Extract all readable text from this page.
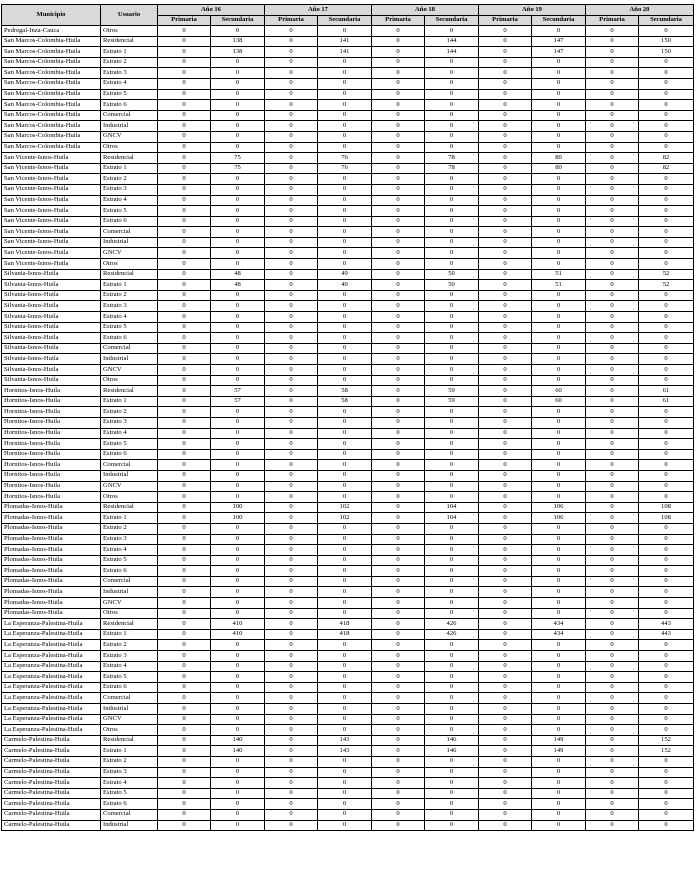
Municipio	Usuario	Año 16		Año 17		Año 18		Año 19		Año 20	
		Primaria	Secundaria	Primaria	Secundaria	Primaria	Secundaria	Primaria	Secundaria	Primaria	Secundaria
Pedregal-Inza-Cauca	Otros	0	0	0	0	0	0	0	0	0	0
San Marcos-Colombia-Huila	Residencial	0	138	0	141	0	144	0	147	0	150
San Marcos-Colombia-Huila	Estrato 1	0	138	0	141	0	144	0	147	0	150
San Marcos-Colombia-Huila	Estrato 2	0	0	0	0	0	0	0	0	0	0
San Marcos-Colombia-Huila	Estrato 3	0	0	0	0	0	0	0	0	0	0
San Marcos-Colombia-Huila	Estrato 4	0	0	0	0	0	0	0	0	0	0
San Marcos-Colombia-Huila	Estrato 5	0	0	0	0	0	0	0	0	0	0
San Marcos-Colombia-Huila	Estrato 6	0	0	0	0	0	0	0	0	0	0
San Marcos-Colombia-Huila	Comercial	0	0	0	0	0	0	0	0	0	0
San Marcos-Colombia-Huila	Industrial	0	0	0	0	0	0	0	0	0	0
San Marcos-Colombia-Huila	GNCV	0	0	0	0	0	0	0	0	0	0
San Marcos-Colombia-Huila	Otros	0	0	0	0	0	0	0	0	0	0
San Vicente-Isnos-Huila	Residencial	0	75	0	76	0	78	0	80	0	82
San Vicente-Isnos-Huila	Estrato 1	0	75	0	76	0	78	0	80	0	82
San Vicente-Isnos-Huila	Estrato 2	0	0	0	0	0	0	0	0	0	0
San Vicente-Isnos-Huila	Estrato 3	0	0	0	0	0	0	0	0	0	0
San Vicente-Isnos-Huila	Estrato 4	0	0	0	0	0	0	0	0	0	0
San Vicente-Isnos-Huila	Estrato 5	0	0	0	0	0	0	0	0	0	0
San Vicente-Isnos-Huila	Estrato 6	0	0	0	0	0	0	0	0	0	0
San Vicente-Isnos-Huila	Comercial	0	0	0	0	0	0	0	0	0	0
San Vicente-Isnos-Huila	Industrial	0	0	0	0	0	0	0	0	0	0
San Vicente-Isnos-Huila	GNCV	0	0	0	0	0	0	0	0	0	0
San Vicente-Isnos-Huila	Otros	0	0	0	0	0	0	0	0	0	0
Silvania-Isnos-Huila	Residencial	0	48	0	49	0	50	0	51	0	52
Silvania-Isnos-Huila	Estrato 1	0	48	0	49	0	50	0	51	0	52
Silvania-Isnos-Huila	Estrato 2	0	0	0	0	0	0	0	0	0	0
Silvania-Isnos-Huila	Estrato 3	0	0	0	0	0	0	0	0	0	0
Silvania-Isnos-Huila	Estrato 4	0	0	0	0	0	0	0	0	0	0
Silvania-Isnos-Huila	Estrato 5	0	0	0	0	0	0	0	0	0	0
Silvania-Isnos-Huila	Estrato 6	0	0	0	0	0	0	0	0	0	0
Silvania-Isnos-Huila	Comercial	0	0	0	0	0	0	0	0	0	0
Silvania-Isnos-Huila	Industrial	0	0	0	0	0	0	0	0	0	0
Silvania-Isnos-Huila	GNCV	0	0	0	0	0	0	0	0	0	0
Silvania-Isnos-Huila	Otros	0	0	0	0	0	0	0	0	0	0
Hornitos-Isnos-Huila	Residencial	0	57	0	58	0	59	0	60	0	61
Hornitos-Isnos-Huila	Estrato 1	0	57	0	58	0	59	0	60	0	61
Hornitos-Isnos-Huila	Estrato 2	0	0	0	0	0	0	0	0	0	0
Hornitos-Isnos-Huila	Estrato 3	0	0	0	0	0	0	0	0	0	0
Hornitos-Isnos-Huila	Estrato 4	0	0	0	0	0	0	0	0	0	0
Hornitos-Isnos-Huila	Estrato 5	0	0	0	0	0	0	0	0	0	0
Hornitos-Isnos-Huila	Estrato 6	0	0	0	0	0	0	0	0	0	0
Hornitos-Isnos-Huila	Comercial	0	0	0	0	0	0	0	0	0	0
Hornitos-Isnos-Huila	Industrial	0	0	0	0	0	0	0	0	0	0
Hornitos-Isnos-Huila	GNCV	0	0	0	0	0	0	0	0	0	0
Hornitos-Isnos-Huila	Otros	0	0	0	0	0	0	0	0	0	0
Plomadas-Isnos-Huila	Residencial	0	100	0	102	0	104	0	106	0	108
Plomadas-Isnos-Huila	Estrato 1	0	100	0	102	0	104	0	106	0	108
Plomadas-Isnos-Huila	Estrato 2	0	0	0	0	0	0	0	0	0	0
Plomadas-Isnos-Huila	Estrato 3	0	0	0	0	0	0	0	0	0	0
Plomadas-Isnos-Huila	Estrato 4	0	0	0	0	0	0	0	0	0	0
Plomadas-Isnos-Huila	Estrato 5	0	0	0	0	0	0	0	0	0	0
Plomadas-Isnos-Huila	Estrato 6	0	0	0	0	0	0	0	0	0	0
Plomadas-Isnos-Huila	Comercial	0	0	0	0	0	0	0	0	0	0
Plomadas-Isnos-Huila	Industrial	0	0	0	0	0	0	0	0	0	0
Plomadas-Isnos-Huila	GNCV	0	0	0	0	0	0	0	0	0	0
Plomadas-Isnos-Huila	Otros	0	0	0	0	0	0	0	0	0	0
La Esperanza-Palestina-Huila	Residencial	0	410	0	418	0	426	0	434	0	443
La Esperanza-Palestina-Huila	Estrato 1	0	410	0	418	0	426	0	434	0	443
La Esperanza-Palestina-Huila	Estrato 2	0	0	0	0	0	0	0	0	0	0
La Esperanza-Palestina-Huila	Estrato 3	0	0	0	0	0	0	0	0	0	0
La Esperanza-Palestina-Huila	Estrato 4	0	0	0	0	0	0	0	0	0	0
La Esperanza-Palestina-Huila	Estrato 5	0	0	0	0	0	0	0	0	0	0
La Esperanza-Palestina-Huila	Estrato 6	0	0	0	0	0	0	0	0	0	0
La Esperanza-Palestina-Huila	Comercial	0	0	0	0	0	0	0	0	0	0
La Esperanza-Palestina-Huila	Industrial	0	0	0	0	0	0	0	0	0	0
La Esperanza-Palestina-Huila	GNCV	0	0	0	0	0	0	0	0	0	0
La Esperanza-Palestina-Huila	Otros	0	0	0	0	0	0	0	0	0	0
Carmelo-Palestina-Huila	Residencial	0	140	0	143	0	146	0	149	0	152
Carmelo-Palestina-Huila	Estrato 1	0	140	0	143	0	146	0	149	0	152
Carmelo-Palestina-Huila	Estrato 2	0	0	0	0	0	0	0	0	0	0
Carmelo-Palestina-Huila	Estrato 3	0	0	0	0	0	0	0	0	0	0
Carmelo-Palestina-Huila	Estrato 4	0	0	0	0	0	0	0	0	0	0
Carmelo-Palestina-Huila	Estrato 5	0	0	0	0	0	0	0	0	0	0
Carmelo-Palestina-Huila	Estrato 6	0	0	0	0	0	0	0	0	0	0
Carmelo-Palestina-Huila	Comercial	0	0	0	0	0	0	0	0	0	0
Carmelo-Palestina-Huila	Industrial	0	0	0	0	0	0	0	0	0	0
